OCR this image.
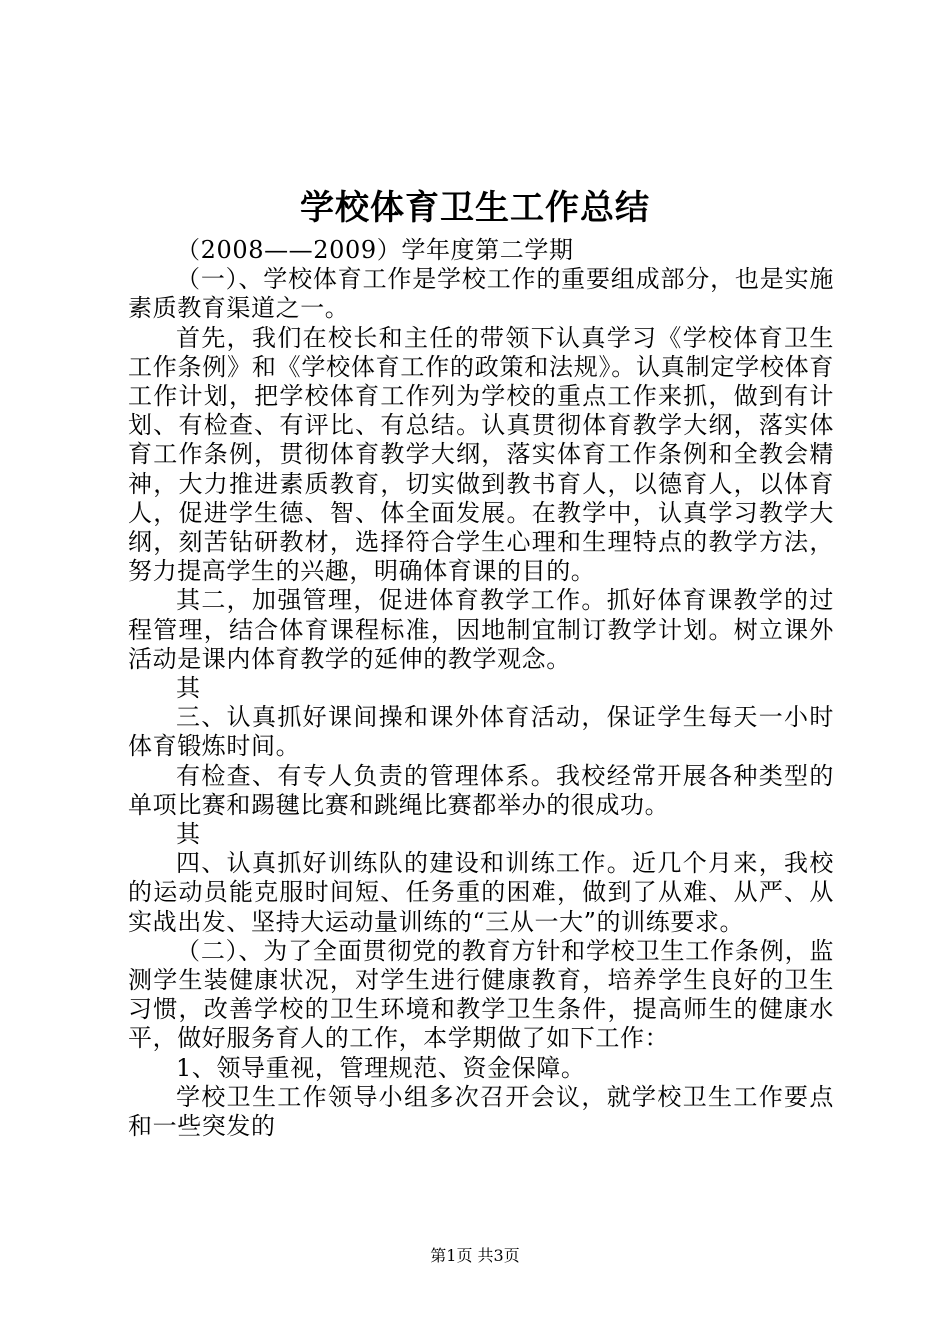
学校体育卫生工作总结

（2008——2009）学年度第二学期

（一）、学校体育工作是学校工作的重要组成部分，也是实施素质教育渠道之一。

首先，我们在校长和主任的带领下认真学习《学校体育卫生工作条例》和《学校体育工作的政策和法规》。认真制定学校体育工作计划，把学校体育工作列为学校的重点工作来抓，做到有计划、有检查、有评比、有总结。认真贯彻体育教学大纲，落实体育工作条例，贯彻体育教学大纲，落实体育工作条例和全教会精神，大力推进素质教育，切实做到教书育人，以德育人，以体育人，促进学生德、智、体全面发展。在教学中，认真学习教学大纲，刻苦钻研教材，选择符合学生心理和生理特点的教学方法，努力提高学生的兴趣，明确体育课的目的。

其二，加强管理，促进体育教学工作。抓好体育课教学的过程管理，结合体育课程标准，因地制宜制订教学计划。树立课外活动是课内体育教学的延伸的教学观念。

其

三、认真抓好课间操和课外体育活动，保证学生每天一小时体育锻炼时间。

有检查、有专人负责的管理体系。我校经常开展各种类型的单项比赛和踢毽比赛和跳绳比赛都举办的很成功。

其

四、认真抓好训练队的建设和训练工作。近几个月来，我校的运动员能克服时间短、任务重的困难，做到了从难、从严、从实战出发、坚持大运动量训练的“三从一大”的训练要求。

（二）、为了全面贯彻党的教育方针和学校卫生工作条例，监测学生装健康状况，对学生进行健康教育，培养学生良好的卫生习惯，改善学校的卫生环境和教学卫生条件，提高师生的健康水平，做好服务育人的工作，本学期做了如下工作：

1、领导重视，管理规范、资金保障。

学校卫生工作领导小组多次召开会议，就学校卫生工作要点和一些突发的

第1页 共3页
